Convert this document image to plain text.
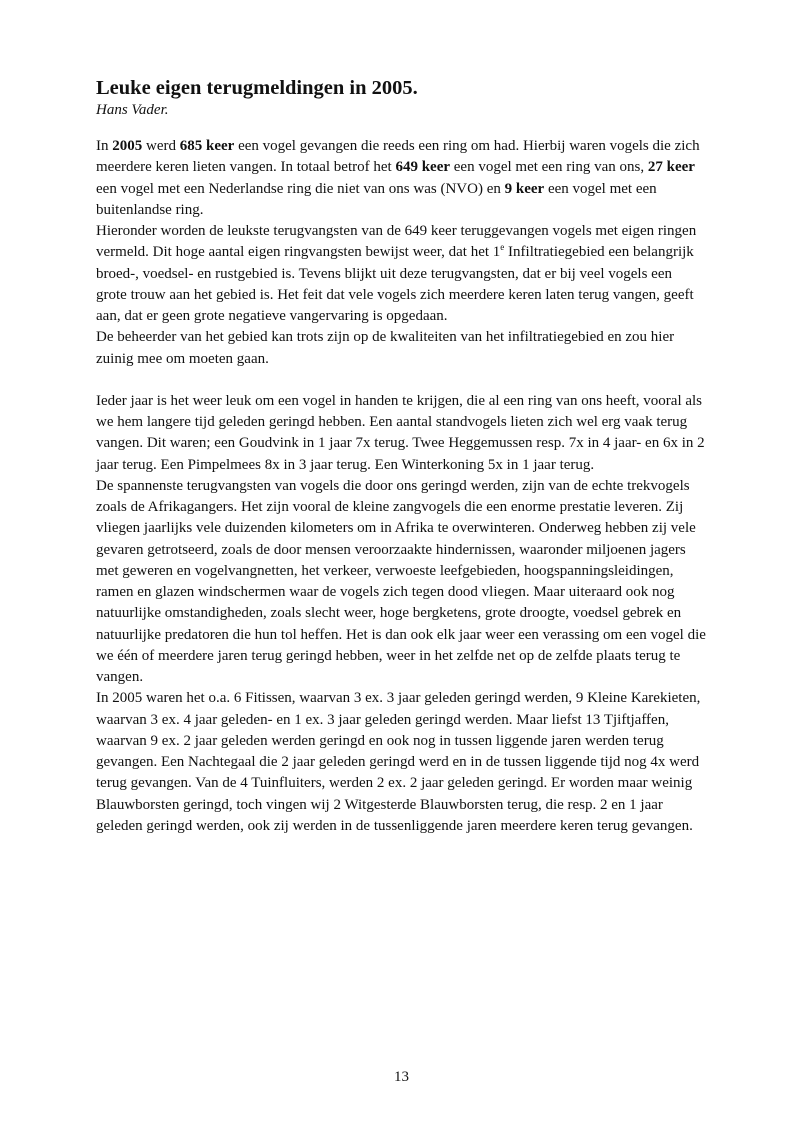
Leuke eigen terugmeldingen in 2005.

Hans Vader.

In 2005 werd 685 keer een vogel gevangen die reeds een ring om had. Hierbij waren vogels die zich meerdere keren lieten vangen. In totaal betrof het 649 keer een vogel met een ring van ons, 27 keer een vogel met een Nederlandse ring die niet van ons was (NVO) en 9 keer een vogel met een buitenlandse ring.

Hieronder worden de leukste terugvangsten van de 649 keer teruggevangen vogels met eigen ringen vermeld. Dit hoge aantal eigen ringvangsten bewijst weer, dat het 1e Infiltratiegebied een belangrijk broed-, voedsel- en rustgebied is. Tevens blijkt uit deze terugvangsten, dat er bij veel vogels een grote trouw aan het gebied is. Het feit dat vele vogels zich meerdere keren laten terug vangen, geeft aan, dat er geen grote negatieve vangervaring is opgedaan.

De beheerder van het gebied kan trots zijn op de kwaliteiten van het infiltratiegebied en zou hier zuinig mee om moeten gaan.

Ieder jaar is het weer leuk om een vogel in handen te krijgen, die al een ring van ons heeft, vooral als we hem langere tijd geleden geringd hebben. Een aantal standvogels lieten zich wel erg vaak terug vangen. Dit waren; een Goudvink in 1 jaar 7x terug. Twee Heggemussen resp. 7x in 4 jaar- en 6x in 2 jaar terug. Een Pimpelmees 8x in 3 jaar terug. Een Winterkoning 5x in 1 jaar terug.

De spannenste terugvangsten van vogels die door ons geringd werden, zijn van de echte trekvogels zoals de Afrikagangers. Het zijn vooral de kleine zangvogels die een enorme prestatie leveren. Zij vliegen jaarlijks vele duizenden kilometers om in Afrika te overwinteren. Onderweg hebben zij vele gevaren getrotseerd, zoals de door mensen veroorzaakte hindernissen, waaronder miljoenen jagers met geweren en vogelvangnetten, het verkeer, verwoeste leefgebieden, hoogspanningsleidingen, ramen en glazen windschermen waar de vogels zich tegen dood vliegen. Maar uiteraard ook nog natuurlijke omstandigheden, zoals slecht weer, hoge bergketens, grote droogte, voedsel gebrek en natuurlijke predatoren die hun tol heffen. Het is dan ook elk jaar weer een verassing om een vogel die we één of meerdere jaren terug geringd hebben, weer in het zelfde net op de zelfde plaats terug te vangen.

In 2005 waren het o.a. 6 Fitissen, waarvan 3 ex. 3 jaar geleden geringd werden, 9 Kleine Karekieten, waarvan 3 ex. 4 jaar geleden- en 1 ex. 3 jaar geleden geringd werden. Maar liefst 13 Tjiftjaffen, waarvan 9 ex. 2 jaar geleden werden geringd en ook nog in tussen liggende jaren werden terug gevangen. Een Nachtegaal die 2 jaar geleden geringd werd en in de tussen liggende tijd nog 4x werd terug gevangen. Van de 4 Tuinfluiters, werden 2 ex. 2 jaar geleden geringd. Er worden maar weinig Blauwborsten geringd, toch vingen wij 2 Witgesterde Blauwborsten terug, die resp. 2 en 1 jaar geleden geringd werden, ook zij werden in de tussenliggende jaren meerdere keren terug gevangen.

13
